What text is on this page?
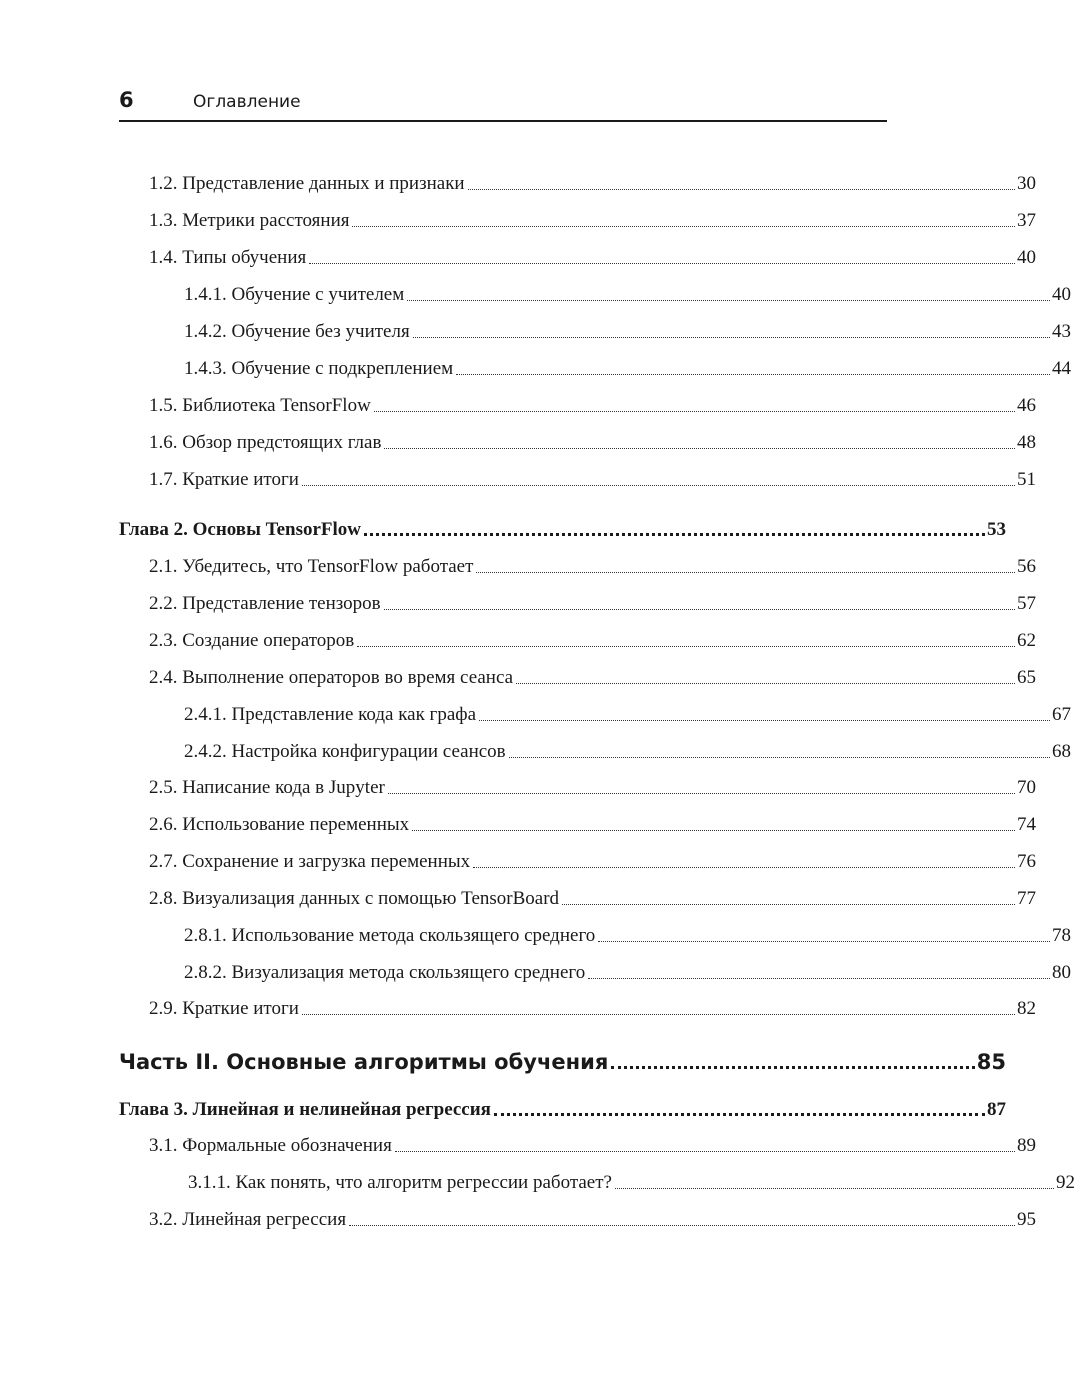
6	Оглавление
1.2. Представление данных и признаки	30
1.3. Метрики расстояния	37
1.4. Типы обучения	40
1.4.1. Обучение с учителем	40
1.4.2. Обучение без учителя	43
1.4.3. Обучение с подкреплением	44
1.5. Библиотека TensorFlow	46
1.6. Обзор предстоящих глав	48
1.7. Краткие итоги	51
Глава 2. Основы TensorFlow	53
2.1. Убедитесь, что TensorFlow работает	56
2.2. Представление тензоров	57
2.3. Создание операторов	62
2.4. Выполнение операторов во время сеанса	65
2.4.1. Представление кода как графа	67
2.4.2. Настройка конфигурации сеансов	68
2.5. Написание кода в Jupyter	70
2.6. Использование переменных	74
2.7. Сохранение и загрузка переменных	76
2.8. Визуализация данных с помощью TensorBoard	77
2.8.1. Использование метода скользящего среднего	78
2.8.2. Визуализация метода скользящего среднего	80
2.9. Краткие итоги	82
Часть II. Основные алгоритмы обучения	85
Глава 3. Линейная и нелинейная регрессия	87
3.1. Формальные обозначения	89
3.1.1. Как понять, что алгоритм регрессии работает?	92
3.2. Линейная регрессия	95
